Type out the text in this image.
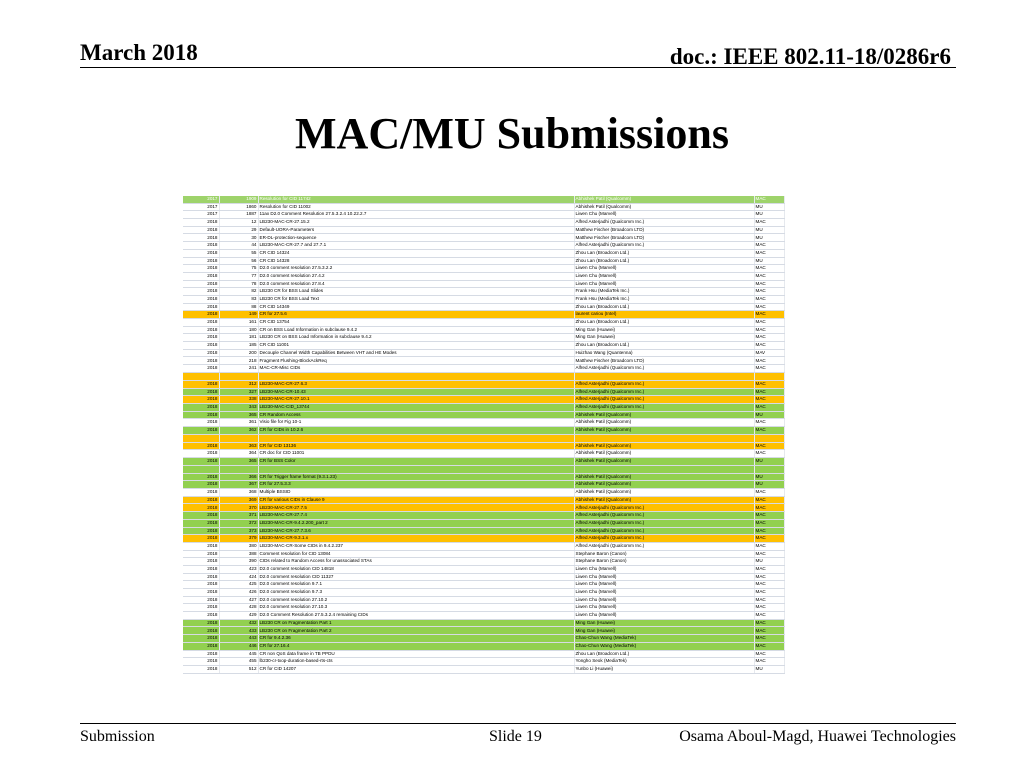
March 2018	doc.: IEEE 802.11-18/0286r6
MAC/MU Submissions
2017	1909	Resolution for CID 11742	Abhishek Patil (Qualcomm)	MAC
2017	1860	Resolution for CID 11002	Abhishek Patil (Qualcomm)	MU
2017	1887	11ax D2.0 Comment Resolution 27.5.3.2.4 10.22.2.7	Liwen Chu (Marvell)	MU
2018	12	LB230-MAC-CR-27.15.2	Alfred Asterjadhi (Qualcomm Inc.)	MAC
2018	29	Default-UORA-Parameters	Matthew Fischer (Broadcom LTD)	MU
2018	30	ER-DL-protection-sequence	Matthew Fischer (Broadcom LTD)	MU
2018	44	LB230-MAC-CR-27.7 and 27.7.1	Alfred Asterjadhi (Qualcomm Inc.)	MAC
2018	55	CR CID 14324	Zhou Lan (Broadcom Ltd.)	MAC
2018	56	CR CID 14328	Zhou Lan (Broadcom Ltd.)	MU
2018	75	D2.0 comment resolution 27.5.3.2.2	Liwen Chu (Marvell)	MAC
2018	77	D2.0 comment resolution 27.4.2	Liwen Chu (Marvell)	MAC
2018	78	D2.0 comment resolution 27.8.4	Liwen Chu (Marvell)	MAC
2018	82	LB230 CR for BSS Load Slides	Frank Hsu (MediaTek Inc.)	MAC
2018	83	LB230 CR for BSS Load Text	Frank Hsu (MediaTek Inc.)	MAC
2018	88	CR CID 14349	Zhou Lan (Broadcom Ltd.)	MAC
2018	149	CR for 27.5.6	laurent cariou (Intel)	MAC
2018	161	CR CID 13754	Zhou Lan (Broadcom Ltd.)	MAC
2018	180	CR on BSS Load Information in subclause 9.4.2	Ming Gan (Huawei)	MAC
2018	181	LB230 CR on BSS Load Information in subclause 9.4.2	Ming Gan (Huawei)	MAC
2018	185	CR CID 11001	Zhou Lan (Broadcom Ltd.)	MAC
2018	200	Decouple Channel Width Capabilities Between VHT and HE Modes	Huizhao Wang (Quantenna)	MAV
2018	218	Fragment Flushing-BlockAckReq	Matthew Fischer (Broadcom LTD)	MAC
2018	241	MAC-CR-Misc CIDs	Alfred Asterjadhi (Qualcomm Inc.)	MAC

2018	312	LB230-MAC-CR-27.6.3	Alfred Asterjadhi (Qualcomm Inc.)	MAC
2018	327	LB230-MAC-CR-10.43	Alfred Asterjadhi (Qualcomm Inc.)	MAC
2018	338	LB230-MAC-CR-27.10.1	Alfred Asterjadhi (Qualcomm Inc.)	MAC
2018	343	LB230-MAC-CID_13744	Alfred Asterjadhi (Qualcomm Inc.)	MAC
2018	365	CR Random Access	Abhishek Patil (Qualcomm)	MU
2018	361	Visio file for Fig 10-1	Abhishek Patil (Qualcomm)	MAC
2018	362	CR for CIDs in 10.2.6	Abhishek Patil (Qualcomm)	MAC

2018	363	CR for CID 13136	Abhishek Patil (Qualcomm)	MAC
2018	364	CR doc for CID 11001	Abhishek Patil (Qualcomm)	MAC
2018	365	CR for BSS Color	Abhishek Patil (Qualcomm)	MU

2018	366	CR for Trigger frame format (9.3.1.23)	Abhishek Patil (Qualcomm)	MU
2018	367	CR for 27.5.3.3	Abhishek Patil (Qualcomm)	MU
2018	368	Multiple BSSID	Abhishek Patil (Qualcomm)	MAC
2018	369	CR for various CIDs in Clause 9	Abhishek Patil (Qualcomm)	MAC
2018	370	LB230-MAC-CR-27.7.5	Alfred Asterjadhi (Qualcomm Inc.)	MAC
2018	371	LB230-MAC-CR-27.7.4	Alfred Asterjadhi (Qualcomm Inc.)	MAC
2018	372	LB230-MAC-CR-9.4.2.200_part 2	Alfred Asterjadhi (Qualcomm Inc.)	MAC
2018	373	LB230-MAC-CR-27.7.3.6	Alfred Asterjadhi (Qualcomm Inc.)	MAC
2018	379	LB230-MAC-CR-9.3.1.x	Alfred Asterjadhi (Qualcomm Inc.)	MAC
2018	380	LB230-MAC-CR-Some CIDs in 9.4.2.237	Alfred Asterjadhi (Qualcomm Inc.)	MAC
2018	388	Comment resolution for CID 13084	Stephane Baron (Canon)	MAC
2018	390	CIDs related to Random Access for unassociated STAs	Stephane Baron (Canon)	MU
2018	423	D2.0 comment resolution CID 14818	Liwen Chu (Marvell)	MAC
2018	424	D2.0 comment resolution CID 11327	Liwen Chu (Marvell)	MAC
2018	425	D2.0 comment resolution 9.7.1	Liwen Chu (Marvell)	MAC
2018	426	D2.0 comment resolution 9.7.3	Liwen Chu (Marvell)	MAC
2018	427	D2.0 comment resolution 27.10.2	Liwen Chu (Marvell)	MAC
2018	428	D2.0 comment resolution 27.10.3	Liwen Chu (Marvell)	MAC
2018	429	D2.0 Comment Resolution 27.5.3.2.4 remaining CIDs	Liwen Chu (Marvell)	MAC
2018	432	LB230 CR on Fragmentation Part 1	Ming Gan (Huawei)	MAC
2018	433	LB230 CR on Fragmentation Part 2	Ming Gan (Huawei)	MAC
2018	443	CR for 9.4.2.36	Chao-Chun Wang (MediaTek)	MAC
2018	446	CR for 27.16.4	Chao-Chun Wang (MediaTek)	MAC
2018	445	CR non QoS data frame in TB PPDU	Zhou Lan (Broadcom Ltd.)	MAC
2018	455	lb230-cr-txop-duration-based-rts-cts	Yongho Seok (MediaTek)	MAC
2018	512	CR for CID 14207	Yunbo Li (Huawei)	MU
Submission	Slide 19	Osama Aboul-Magd, Huawei Technologies
